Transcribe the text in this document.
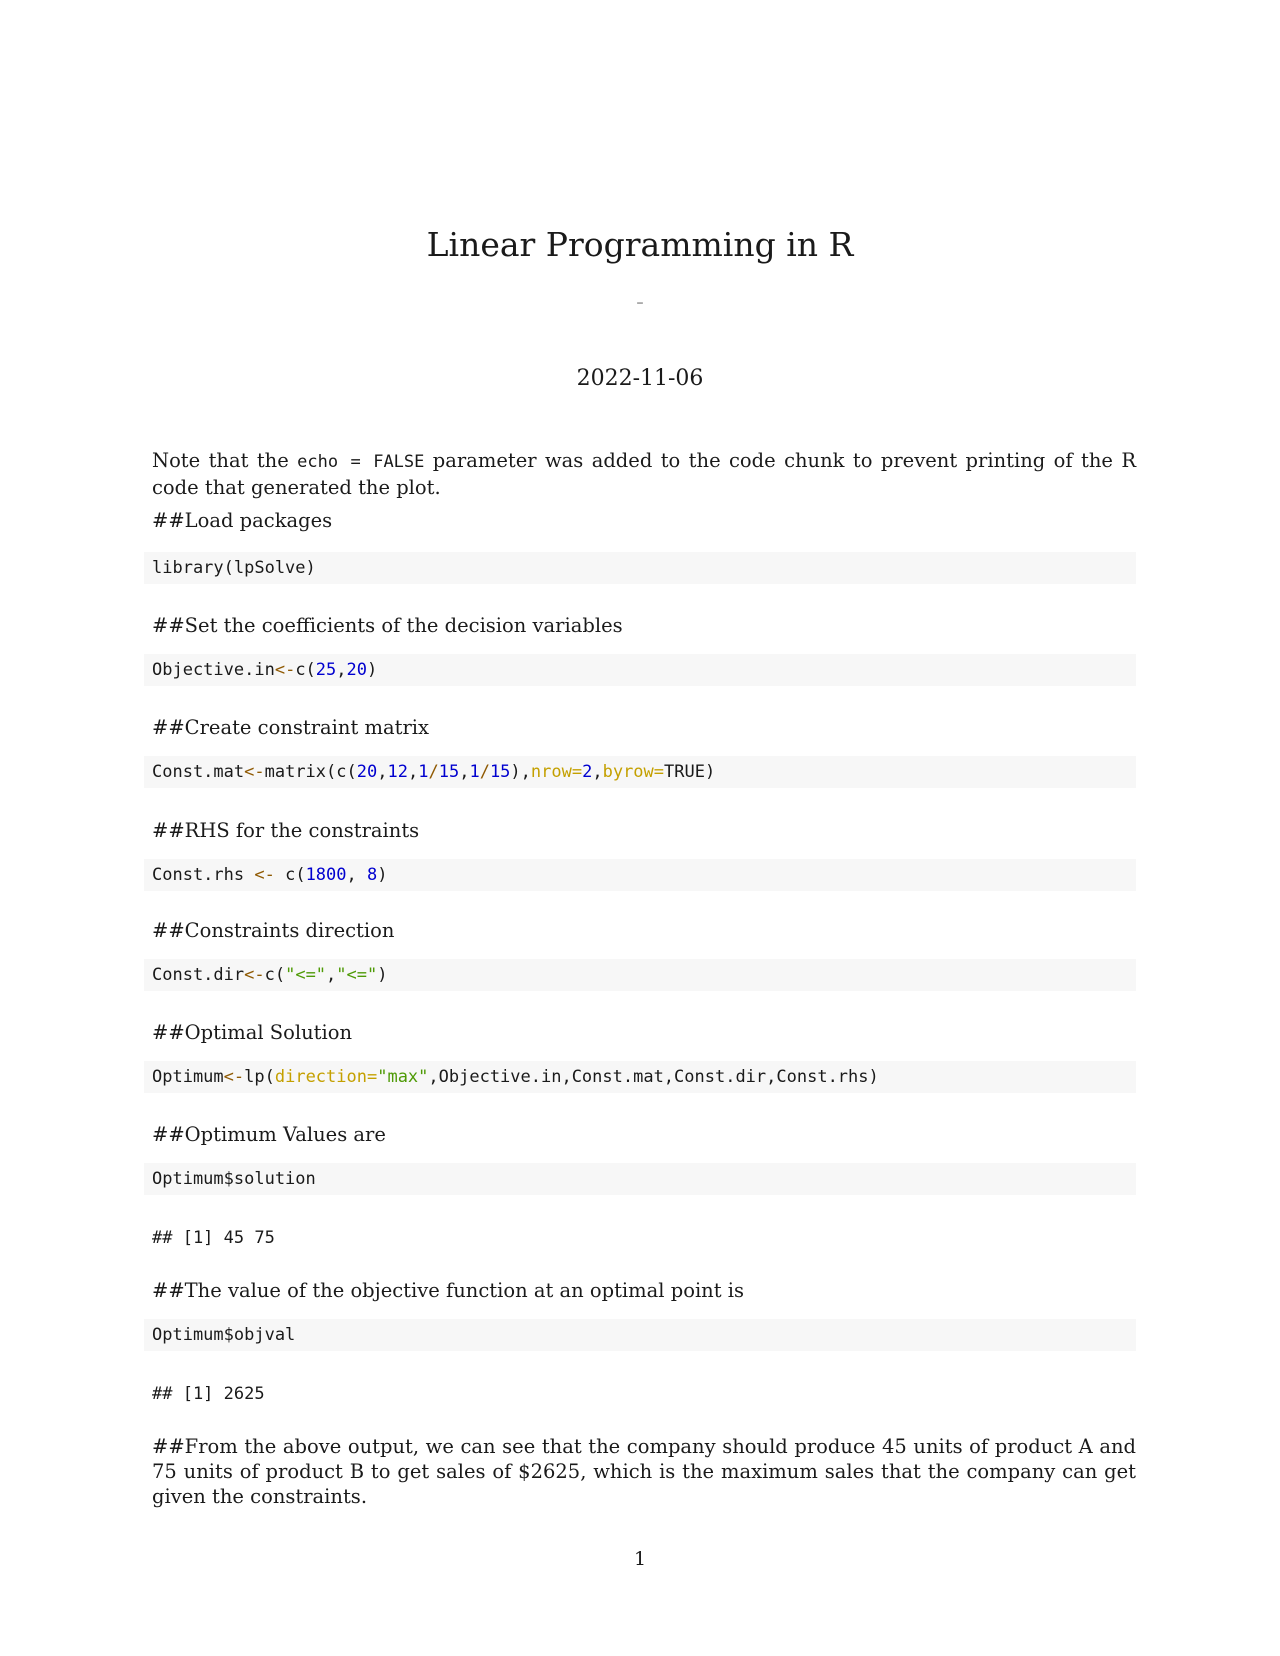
Linear Programming in R
–
2022-11-06
Note that the echo = FALSE parameter was added to the code chunk to prevent printing of the R code that generated the plot.
##Load packages
library(lpSolve)
##Set the coefficients of the decision variables
Objective.in<-c(25,20)
##Create constraint matrix
Const.mat<-matrix(c(20,12,1/15,1/15),nrow=2,byrow=TRUE)
##RHS for the constraints
Const.rhs <- c(1800, 8)
##Constraints direction
Const.dir<-c("<=","<=")
##Optimal Solution
Optimum<-lp(direction="max",Objective.in,Const.mat,Const.dir,Const.rhs)
##Optimum Values are
Optimum$solution
## [1] 45 75
##The value of the objective function at an optimal point is
Optimum$objval
## [1] 2625
##From the above output, we can see that the company should produce 45 units of product A and 75 units of product B to get sales of $2625, which is the maximum sales that the company can get given the constraints.
1
